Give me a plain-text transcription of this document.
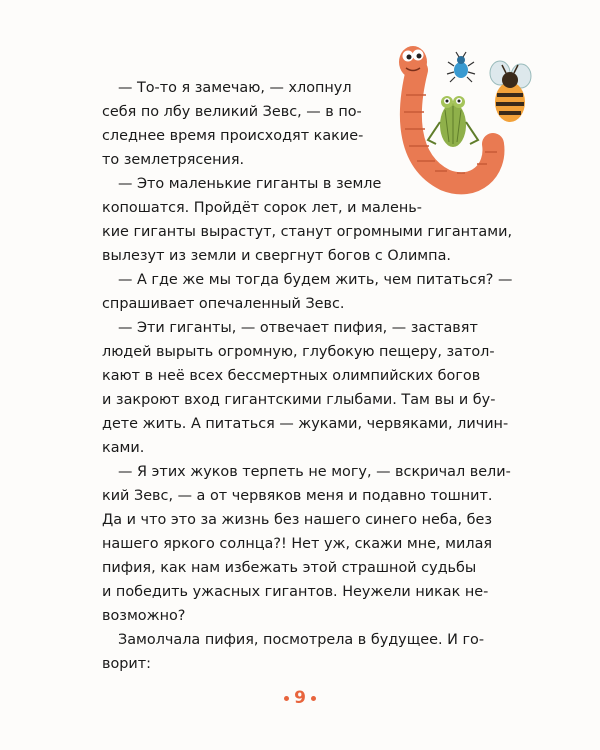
— То-то я замечаю, — хлопнул
себя по лбу великий Зевс, — в по-
следнее время происходят какие-
то землетрясения.
— Это маленькие гиганты в земле
копошатся. Пройдёт сорок лет, и малень-
кие гиганты вырастут, станут огромными гигантами,
вылезут из земли и свергнут богов с Олимпа.
— А где же мы тогда будем жить, чем питаться? —
спрашивает опечаленный Зевс.
— Эти гиганты, — отвечает пифия, — заставят
людей вырыть огромную, глубокую пещеру, затол-
кают в неё всех бессмертных олимпийских богов
и закроют вход гигантскими глыбами. Там вы и бу-
дете жить. А питаться — жуками, червяками, личин-
ками.
— Я этих жуков терпеть не могу, — вскричал вели-
кий Зевс, — а от червяков меня и подавно тошнит.
Да и что это за жизнь без нашего синего неба, без
нашего яркого солнца?! Нет уж, скажи мне, милая
пифия, как нам избежать этой страшной судьбы
и победить ужасных гигантов. Неужели никак не-
возможно?
Замолчала пифия, посмотрела в будущее. И го-
ворит:
9
